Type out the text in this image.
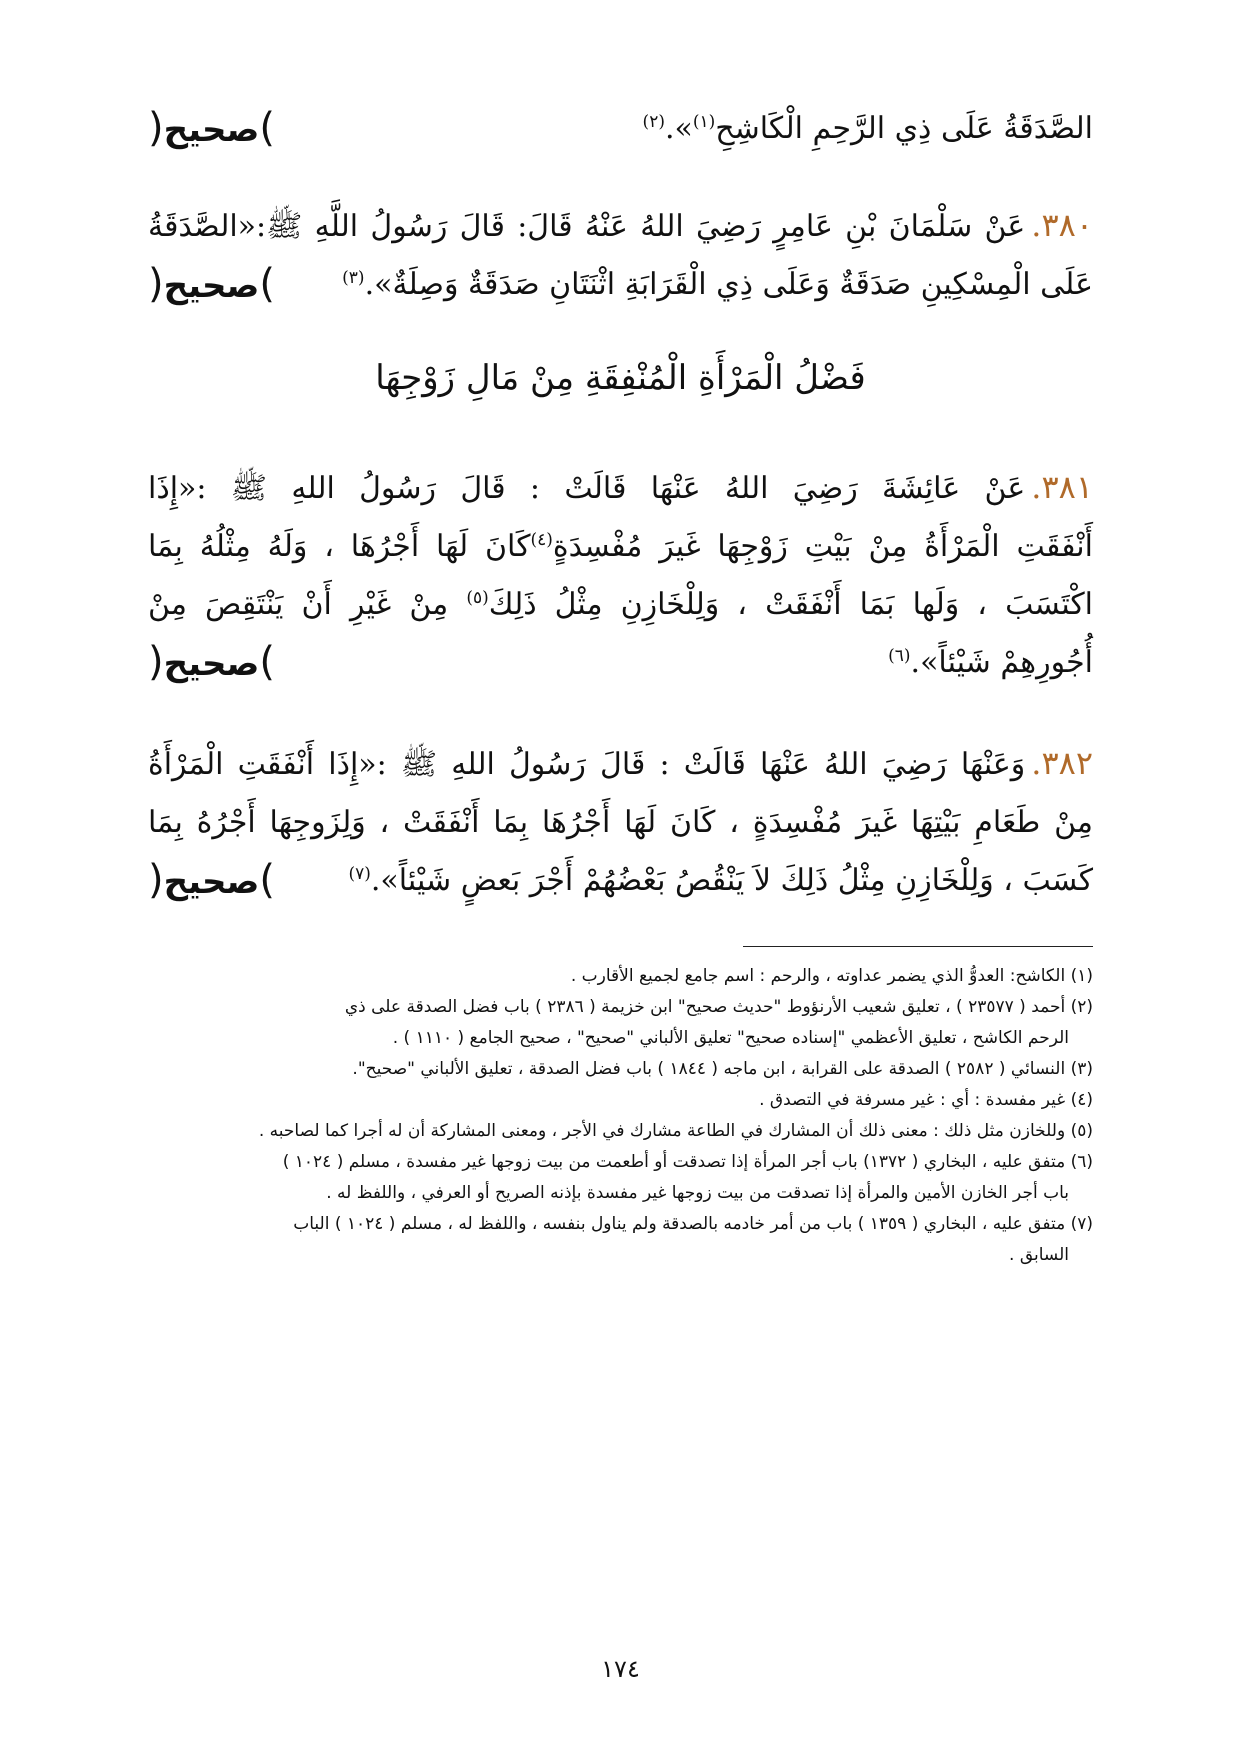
الصَّدَقَةُ عَلَى ذِي الرَّحِمِ الْكَاشِحِ$^{(١)}$».$^{(٢)}$
)صحيح(
٣٨٠.عَنْ سَلْمَانَ بْنِ عَامِرٍ رَضِيَ اللهُ عَنْهُ قَالَ: قَالَ رَسُولُ اللَّهِ ﷺ:«الصَّدَقَةُ
عَلَى الْمِسْكِينِ صَدَقَةٌ وَعَلَى ذِي الْقَرَابَةِ اثْنَتَانِ صَدَقَةٌ وَصِلَةٌ».$^{(٣)}$
)صحيح(
فَضْلُ الْمَرْأَةِ الْمُنْفِقَةِ مِنْ مَالِ زَوْجِهَا
٣٨١.عَنْ عَائِشَةَ رَضِيَ اللهُ عَنْهَا قَالَتْ : قَالَ رَسُولُ اللهِ ﷺ :«إِذَا
أَنْفَقَتِ الْمَرْأَةُ مِنْ بَيْتِ زَوْجِهَا غَيرَ مُفْسِدَةٍ$^{(٤)}$كَانَ لَهَا أَجْرُهَا ، وَلَهُ مِثْلُهُ بِمَا
اكْتَسَبَ ، وَلَها بَمَا أَنْفَقَتْ ، وَلِلْخَازِنِ مِثْلُ ذَلِكَ$^{(٥)}$ مِنْ غَيْرِ أَنْ يَنْتَقِصَ مِنْ
أُجُورِهِمْ شَيْئاً».$^{(٦)}$
)صحيح(
٣٨٢.وَعَنْهَا رَضِيَ اللهُ عَنْهَا قَالَتْ : قَالَ رَسُولُ اللهِ ﷺ :«إِذَا أَنْفَقَتِ الْمَرْأَةُ
مِنْ طَعَامِ بَيْتِهَا غَيرَ مُفْسِدَةٍ ، كَانَ لَهَا أَجْرُهَا بِمَا أَنْفَقَتْ ، وَلِزَوجِهَا أَجْرُهُ بِمَا
كَسَبَ ، وَلِلْخَازِنِ مِثْلُ ذَلِكَ لاَ يَنْقُصُ بَعْضُهُمْ أَجْرَ بَعضٍ شَيْئاً».$^{(٧)}$
)صحيح(
(١) الكاشح: العدوُّ الذي يضمر عداوته ، والرحم : اسم جامع لجميع الأقارب .
(٢) أحمد ( ٢٣٥٧٧ ) ، تعليق شعيب الأرنؤوط "حديث صحيح" ابن خزيمة ( ٢٣٨٦ ) باب فضل الصدقة على ذي
الرحم الكاشح ، تعليق الأعظمي "إسناده صحيح" تعليق الألباني "صحيح" ، صحيح الجامع ( ١١١٠ ) .
(٣) النسائي ( ٢٥٨٢ ) الصدقة على القرابة ، ابن ماجه ( ١٨٤٤ ) باب فضل الصدقة ، تعليق الألباني "صحيح".
(٤) غير مفسدة : أي : غير مسرفة في التصدق .
(٥) وللخازن مثل ذلك : معنى ذلك أن المشارك في الطاعة مشارك في الأجر ، ومعنى المشاركة أن له أجرا كما لصاحبه .
(٦) متفق عليه ، البخاري ( ١٣٧٢) باب أجر المرأة إذا تصدقت أو أطعمت من بيت زوجها غير مفسدة ، مسلم ( ١٠٢٤ )
باب أجر الخازن الأمين والمرأة إذا تصدقت من بيت زوجها غير مفسدة بإذنه الصريح أو العرفي ، واللفظ له .
(٧) متفق عليه ، البخاري ( ١٣٥٩ ) باب من أمر خادمه بالصدقة ولم يناول بنفسه ، واللفظ له ، مسلم ( ١٠٢٤ ) الباب
السابق .
١٧٤
